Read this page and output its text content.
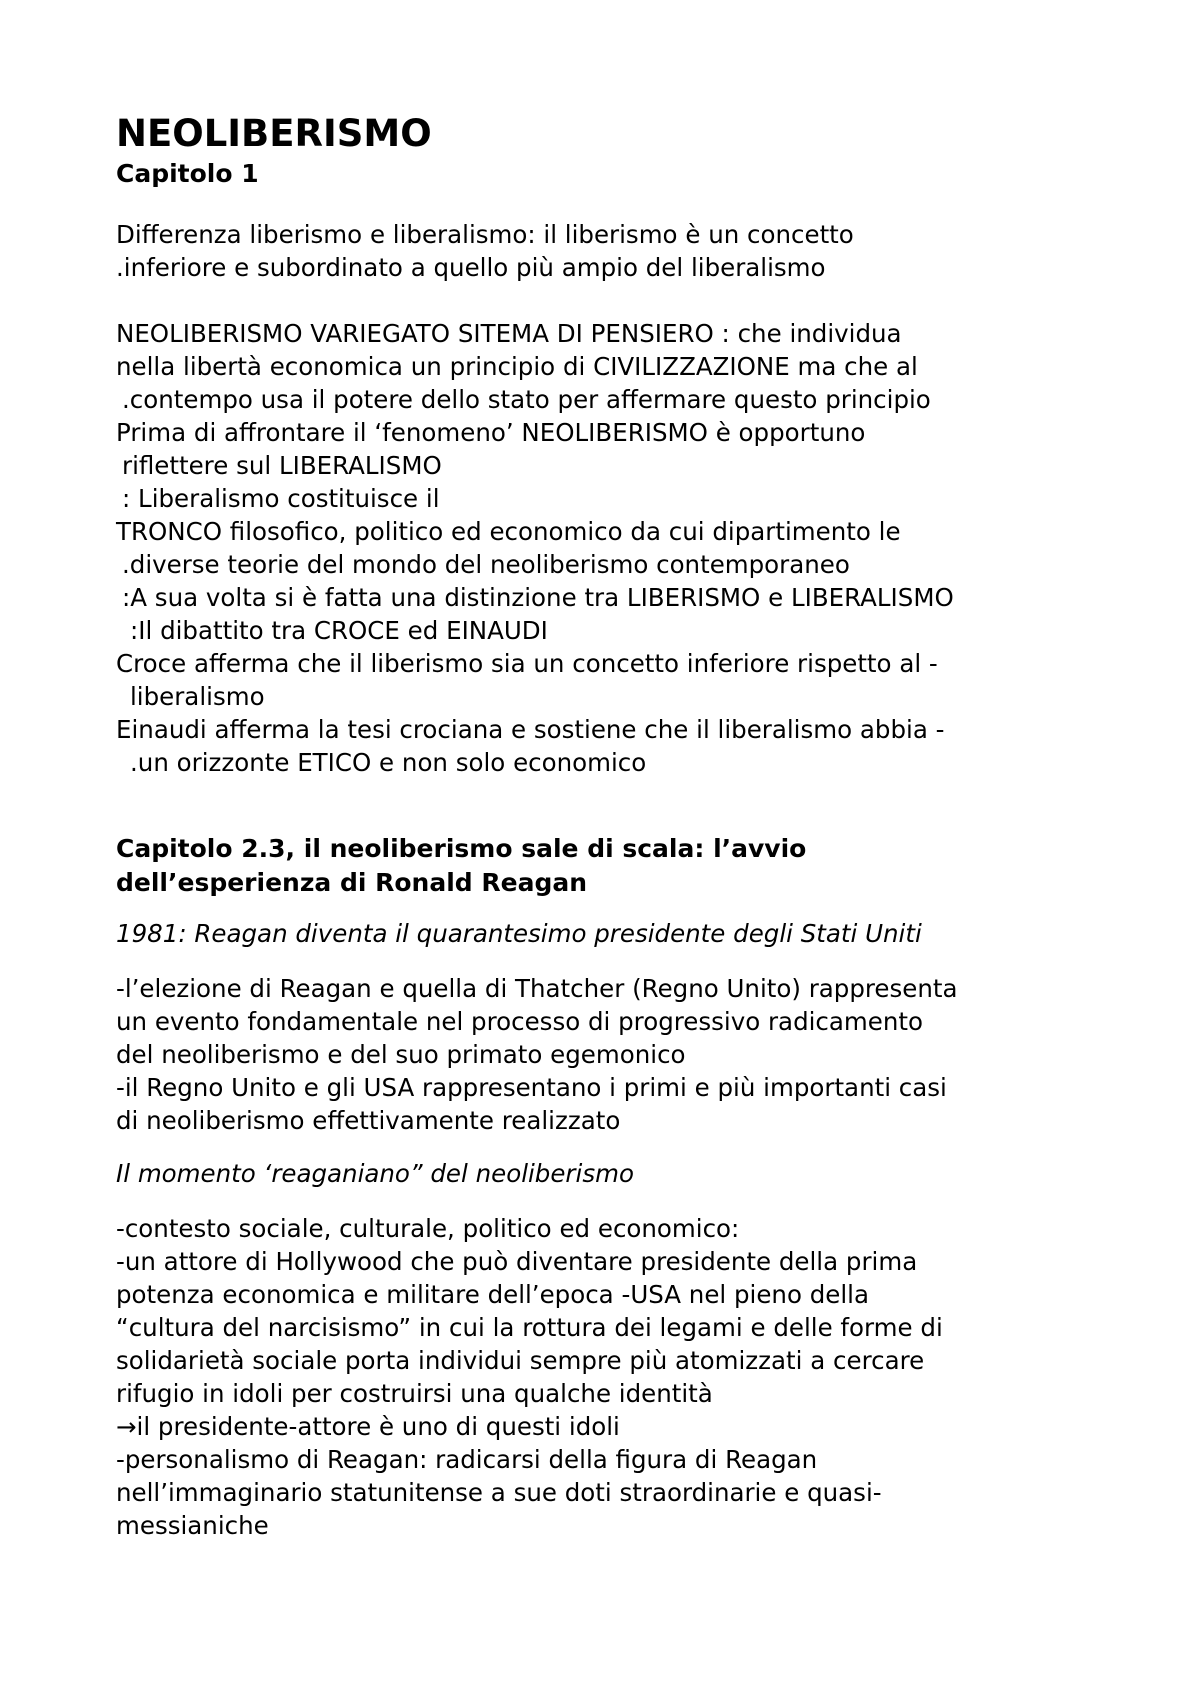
NEOLIBERISMO
Capitolo 1

Differenza liberismo e liberalismo: il liberismo è un concetto

.inferiore e subordinato a quello più ampio del liberalismo

NEOLIBERISMO VARIEGATO SITEMA DI PENSIERO : che individua

nella libertà economica un principio di CIVILIZZAZIONE ma che al

.contempo usa il potere dello stato per affermare questo principio

Prima di affrontare il ‘fenomeno’ NEOLIBERISMO è opportuno

riflettere sul LIBERALISMO

: Liberalismo costituisce il

TRONCO filosofico, politico ed economico da cui dipartimento le

.diverse teorie del mondo del neoliberismo contemporaneo

:A sua volta si è fatta una distinzione tra LIBERISMO e LIBERALISMO

:Il dibattito tra CROCE ed EINAUDI

Croce afferma che il liberismo sia un concetto inferiore rispetto al -

liberalismo

Einaudi afferma la tesi crociana e sostiene che il liberalismo abbia -

.un orizzonte ETICO e non solo economico

Capitolo 2.3, il neoliberismo sale di scala: l’avvio

dell’esperienza di Ronald Reagan

1981: Reagan diventa il quarantesimo presidente degli Stati Uniti

-l’elezione di Reagan e quella di Thatcher (Regno Unito) rappresenta

un evento fondamentale nel processo di progressivo radicamento

del neoliberismo e del suo primato egemonico

-il Regno Unito e gli USA rappresentano i primi e più importanti casi

di neoliberismo effettivamente realizzato

Il momento ‘reaganiano” del neoliberismo

-contesto sociale, culturale, politico ed economico:

-un attore di Hollywood che può diventare presidente della prima

potenza economica e militare dell’epoca -USA nel pieno della

“cultura del narcisismo” in cui la rottura dei legami e delle forme di

solidarietà sociale porta individui sempre più atomizzati a cercare

rifugio in idoli per costruirsi una qualche identità

→il presidente-attore è uno di questi idoli

-personalismo di Reagan: radicarsi della figura di Reagan

nell’immaginario statunitense a sue doti straordinarie e quasi-

messianiche
